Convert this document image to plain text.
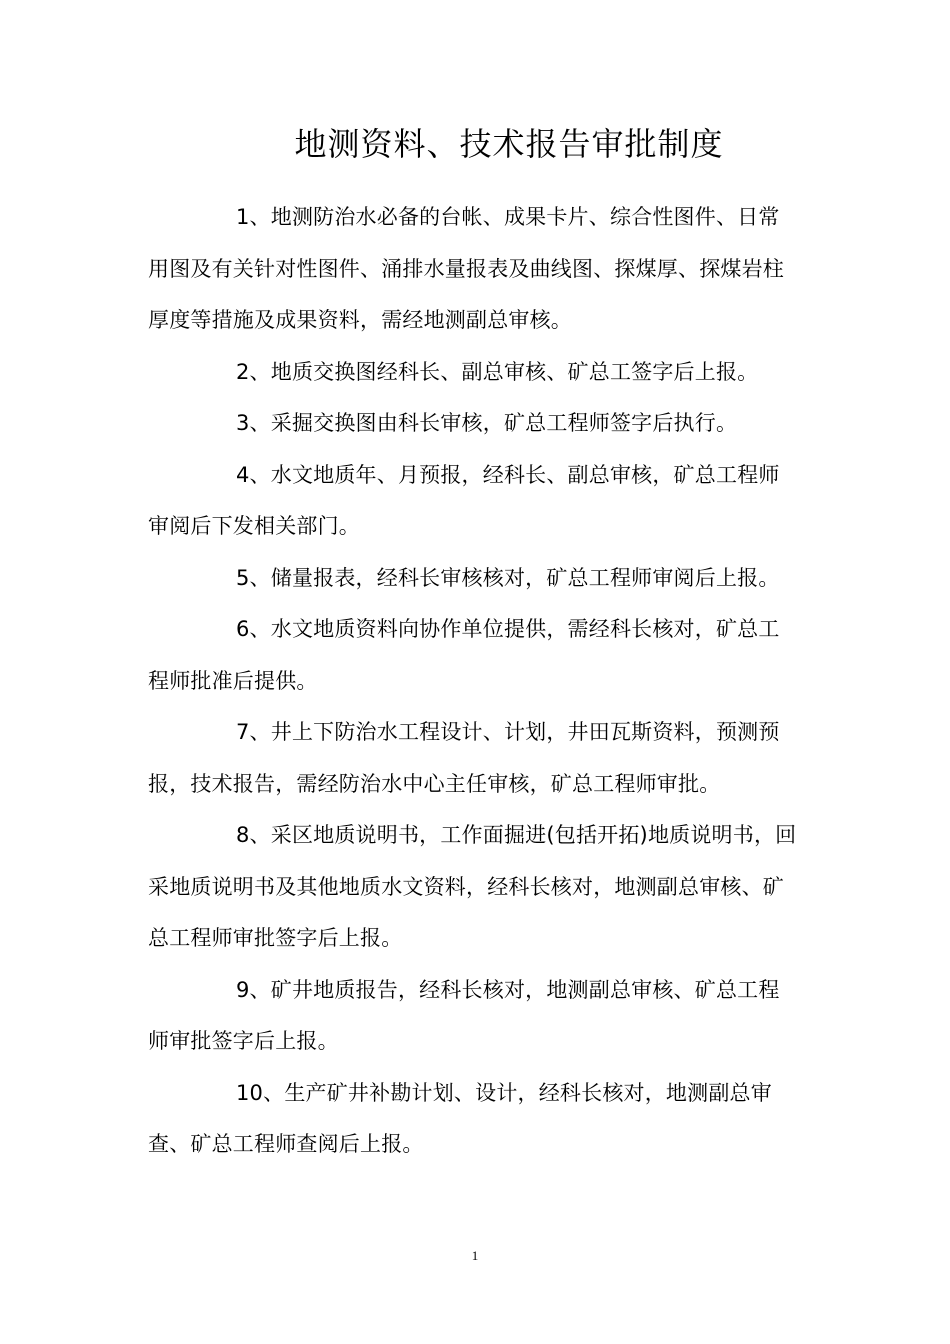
地测资料、技术报告审批制度

1、地测防治水必备的台帐、成果卡片、综合性图件、日常用图及有关针对性图件、涌排水量报表及曲线图、探煤厚、探煤岩柱厚度等措施及成果资料，需经地测副总审核。

2、地质交换图经科长、副总审核、矿总工签字后上报。

3、采掘交换图由科长审核，矿总工程师签字后执行。

4、水文地质年、月预报，经科长、副总审核，矿总工程师审阅后下发相关部门。

5、储量报表，经科长审核核对，矿总工程师审阅后上报。

6、水文地质资料向协作单位提供，需经科长核对，矿总工程师批准后提供。

7、井上下防治水工程设计、计划，井田瓦斯资料，预测预报，技术报告，需经防治水中心主任审核，矿总工程师审批。

8、采区地质说明书，工作面掘进(包括开拓)地质说明书，回采地质说明书及其他地质水文资料，经科长核对，地测副总审核、矿总工程师审批签字后上报。

9、矿井地质报告，经科长核对，地测副总审核、矿总工程师审批签字后上报。

10、生产矿井补勘计划、设计，经科长核对，地测副总审查、矿总工程师查阅后上报。

1
